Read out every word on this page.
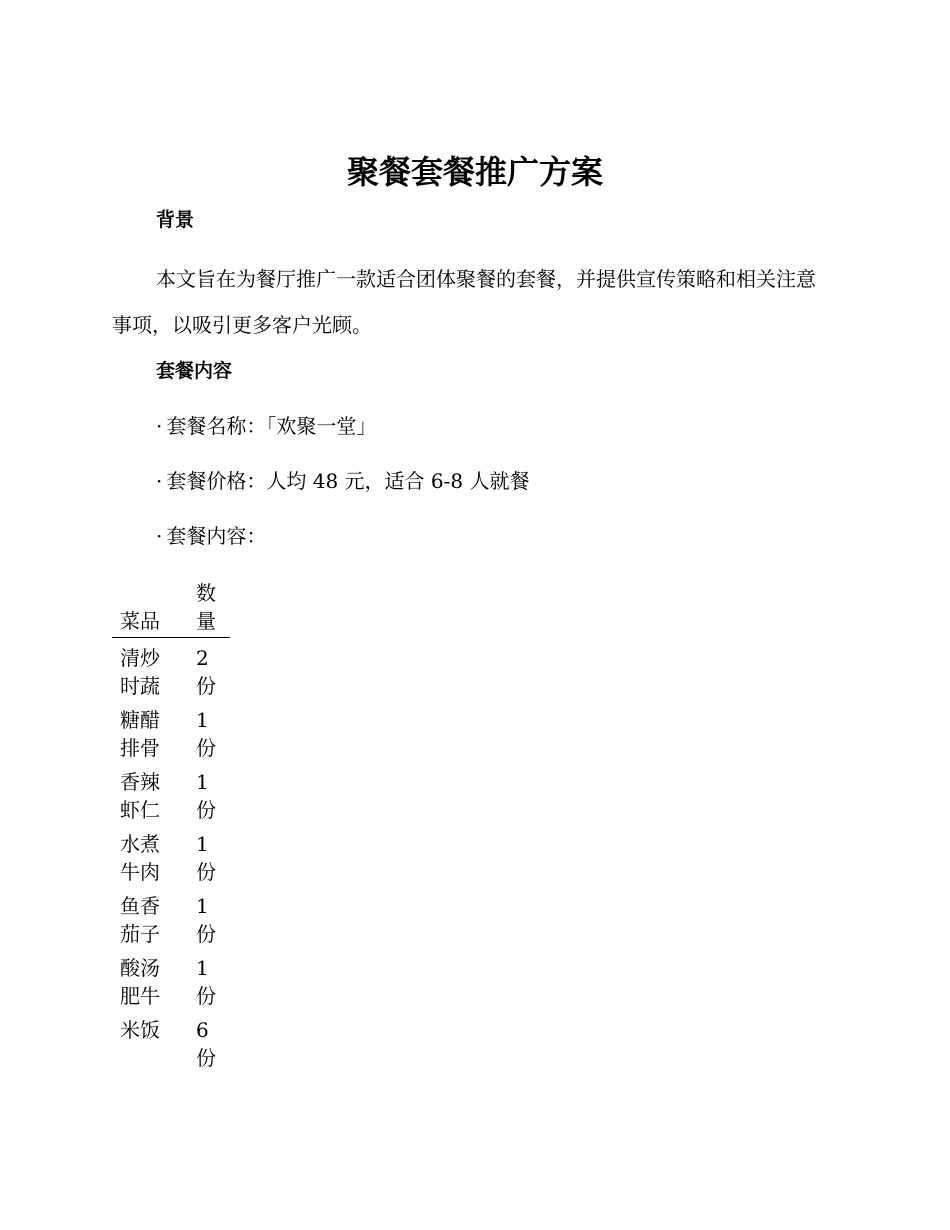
聚餐套餐推广方案
背景

本文旨在为餐厅推广一款适合团体聚餐的套餐，并提供宣传策略和相关注意事项，以吸引更多客户光顾。

套餐内容

· 套餐名称：「欢聚一堂」

· 套餐价格：人均 48 元，适合 6-8 人就餐

· 套餐内容：

菜品	数量

清炒时蔬	2份

糖醋排骨	1份

香辣虾仁	1份

水煮牛肉	1份

鱼香茄子	1份

酸汤肥牛	1份

米饭	6份
